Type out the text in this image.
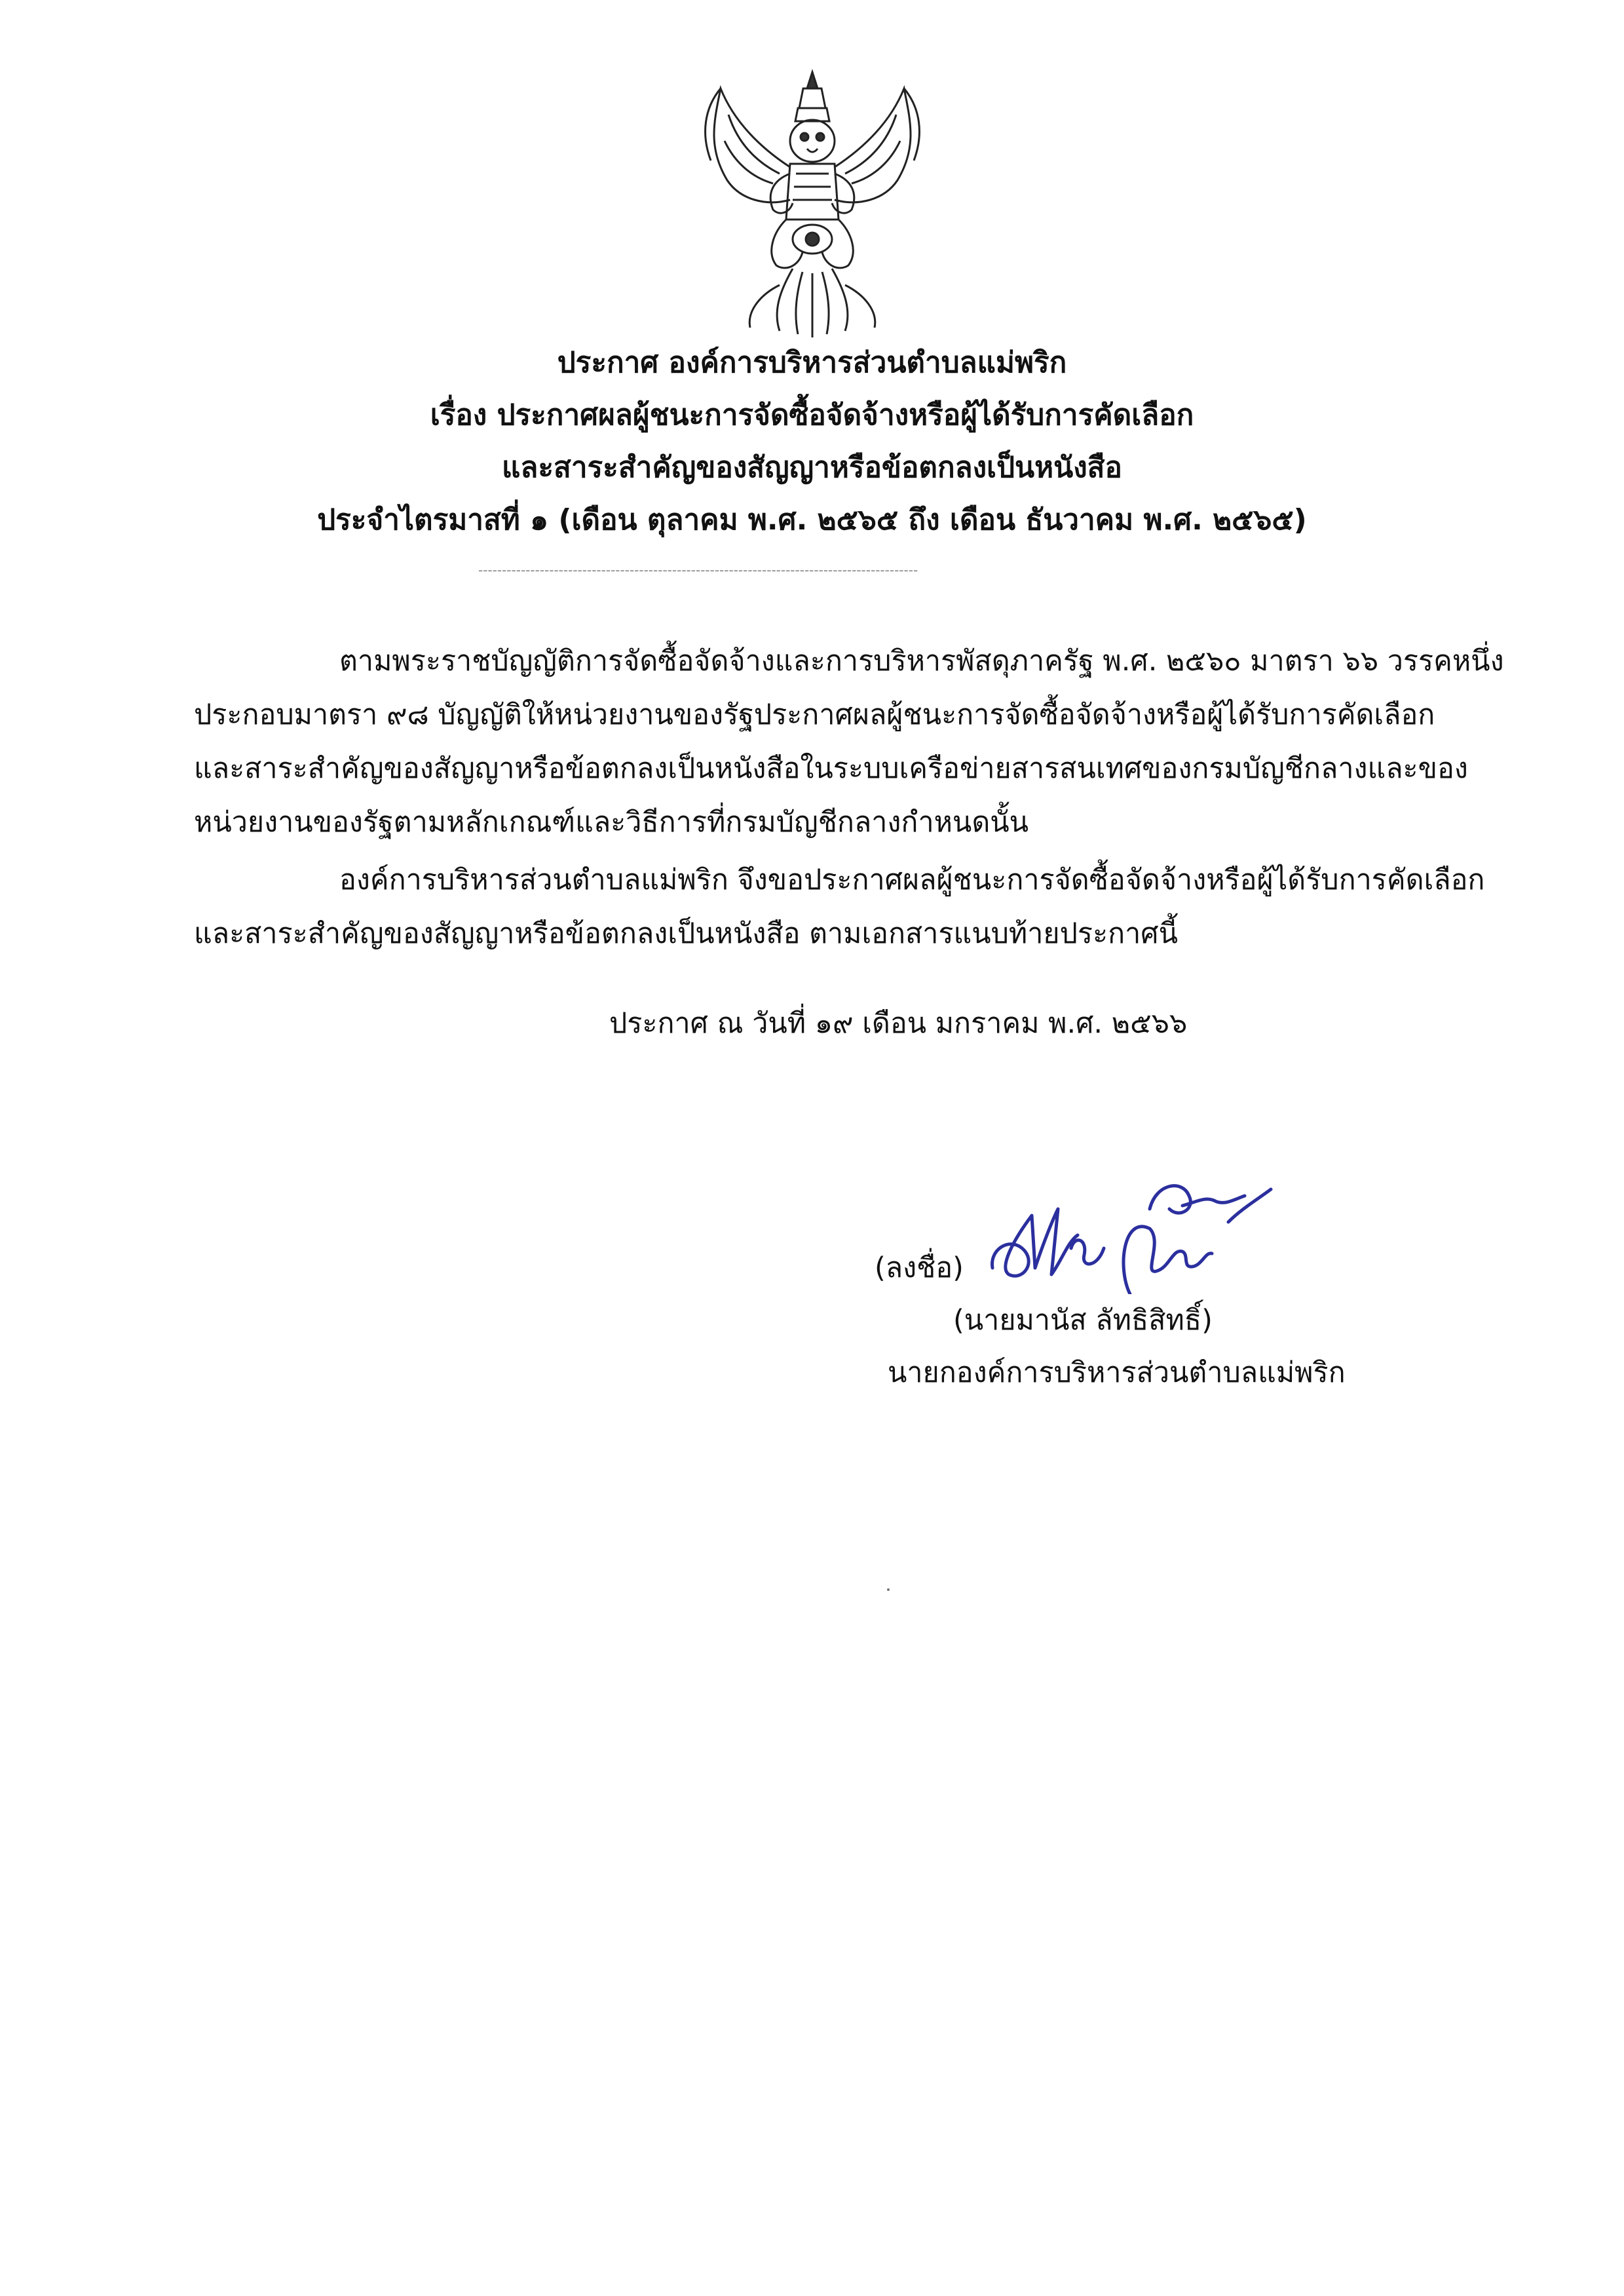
ประกาศ องค์การบริหารส่วนตำบลแม่พริก
เรื่อง ประกาศผลผู้ชนะการจัดซื้อจัดจ้างหรือผู้ได้รับการคัดเลือก
และสาระสำคัญของสัญญาหรือข้อตกลงเป็นหนังสือ
ประจำไตรมาสที่ ๑ (เดือน ตุลาคม พ.ศ. ๒๕๖๕ ถึง เดือน ธันวาคม พ.ศ. ๒๕๖๕)
---------------------------------------------------------------------------------------------
ตามพระราชบัญญัติการจัดซื้อจัดจ้างและการบริหารพัสดุภาครัฐ พ.ศ. ๒๕๖๐ มาตรา ๖๖ วรรคหนึ่ง
ประกอบมาตรา ๙๘ บัญญัติให้หน่วยงานของรัฐประกาศผลผู้ชนะการจัดซื้อจัดจ้างหรือผู้ได้รับการคัดเลือก
และสาระสำคัญของสัญญาหรือข้อตกลงเป็นหนังสือในระบบเครือข่ายสารสนเทศของกรมบัญชีกลางและของ
หน่วยงานของรัฐตามหลักเกณฑ์และวิธีการที่กรมบัญชีกลางกำหนดนั้น
องค์การบริหารส่วนตำบลแม่พริก จึงขอประกาศผลผู้ชนะการจัดซื้อจัดจ้างหรือผู้ได้รับการคัดเลือก
และสาระสำคัญของสัญญาหรือข้อตกลงเป็นหนังสือ ตามเอกสารแนบท้ายประกาศนี้
ประกาศ ณ วันที่ ๑๙ เดือน มกราคม พ.ศ. ๒๕๖๖
(ลงชื่อ)
(นายมานัส ลัทธิสิทธิ์)
นายกองค์การบริหารส่วนตำบลแม่พริก
